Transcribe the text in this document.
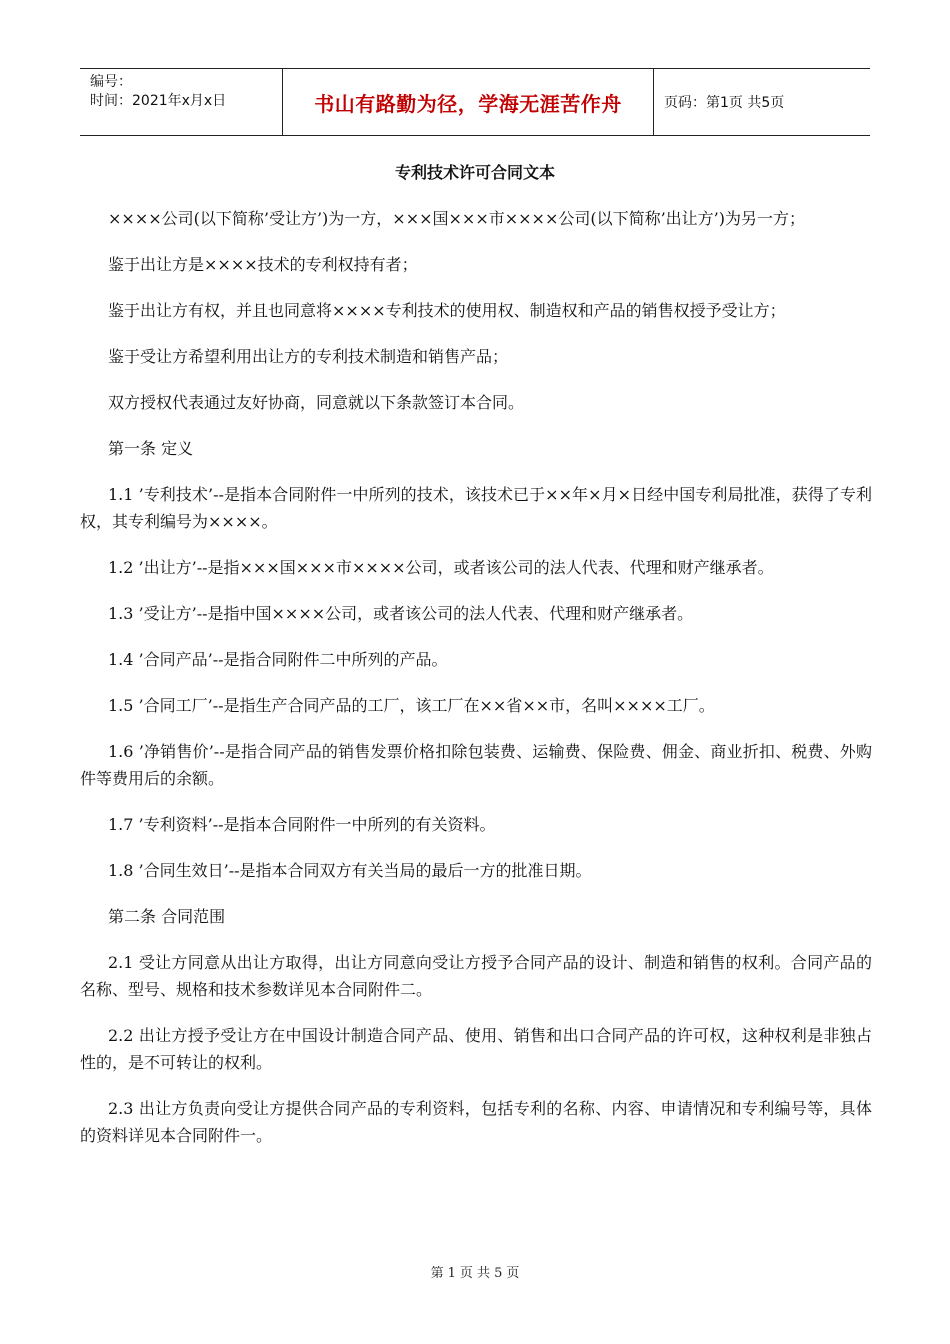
编号：
时间：2021年x月x日	书山有路勤为径，学海无涯苦作舟	页码：第1页 共5页
专利技术许可合同文本

××××公司(以下简称’受让方’)为一方，×××国×××市××××公司(以下简称’出让方’)为另一方；

鉴于出让方是××××技术的专利权持有者；

鉴于出让方有权，并且也同意将××××专利技术的使用权、制造权和产品的销售权授予受让方；

鉴于受让方希望利用出让方的专利技术制造和销售产品；

双方授权代表通过友好协商，同意就以下条款签订本合同。

第一条 定义

1.1 ’专利技术’--是指本合同附件一中所列的技术，该技术已于××年×月×日经中国专利局批准，获得了专利权，其专利编号为××××。

1.2 ’出让方’--是指×××国×××市××××公司，或者该公司的法人代表、代理和财产继承者。

1.3 ’受让方’--是指中国××××公司，或者该公司的法人代表、代理和财产继承者。

1.4 ’合同产品’--是指合同附件二中所列的产品。

1.5 ’合同工厂’--是指生产合同产品的工厂，该工厂在××省××市，名叫××××工厂。

1.6 ’净销售价’--是指合同产品的销售发票价格扣除包装费、运输费、保险费、佣金、商业折扣、税费、外购件等费用后的余额。

1.7 ’专利资料’--是指本合同附件一中所列的有关资料。

1.8 ’合同生效日’--是指本合同双方有关当局的最后一方的批准日期。

第二条 合同范围

2.1 受让方同意从出让方取得，出让方同意向受让方授予合同产品的设计、制造和销售的权利。合同产品的名称、型号、规格和技术参数详见本合同附件二。

2.2 出让方授予受让方在中国设计制造合同产品、使用、销售和出口合同产品的许可权，这种权利是非独占性的，是不可转让的权利。

2.3 出让方负责向受让方提供合同产品的专利资料，包括专利的名称、内容、申请情况和专利编号等，具体的资料详见本合同附件一。

第 1 页 共 5 页
